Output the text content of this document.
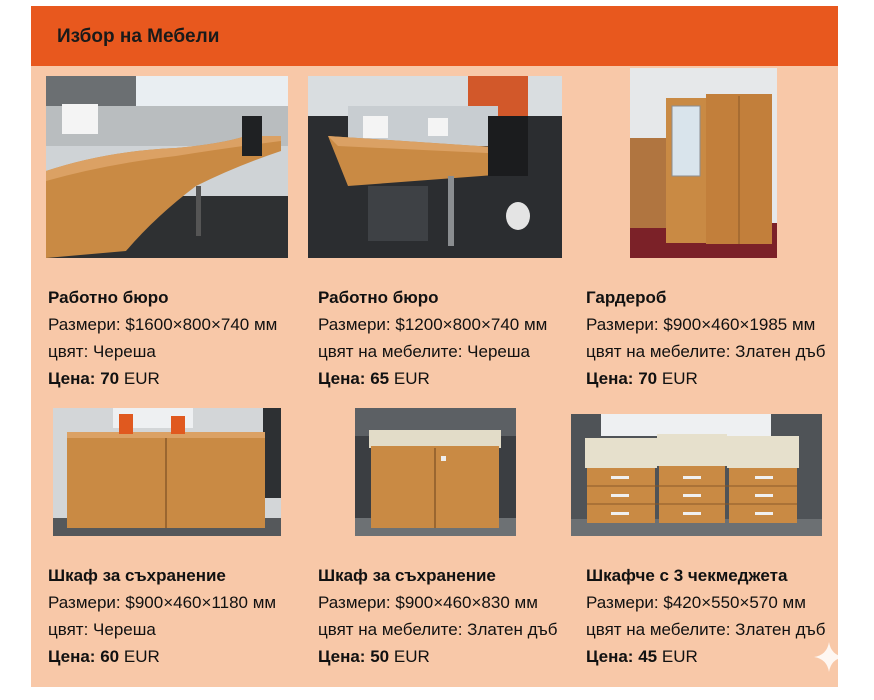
Избор на Мебели
Работно бюро
Размери: $1600×800×740 мм
цвят: Череша
Цена: 70 EUR
Работно бюро
Размери: $1200×800×740 мм
цвят на мебелите: Череша
Цена: 65 EUR
Гардероб
Размери: $900×460×1985 мм
цвят на мебелите: Златен дъб
Цена: 70 EUR
Шкаф за съхранение
Размери: $900×460×1180 мм
цвят: Череша
Цена: 60 EUR
Шкаф за съхранение
Размери: $900×460×830 мм
цвят на мебелите: Златен дъб
Цена: 50 EUR
Шкафче с 3 чекмеджета
Размери: $420×550×570 мм
цвят на мебелите: Златен дъб
Цена: 45 EUR
